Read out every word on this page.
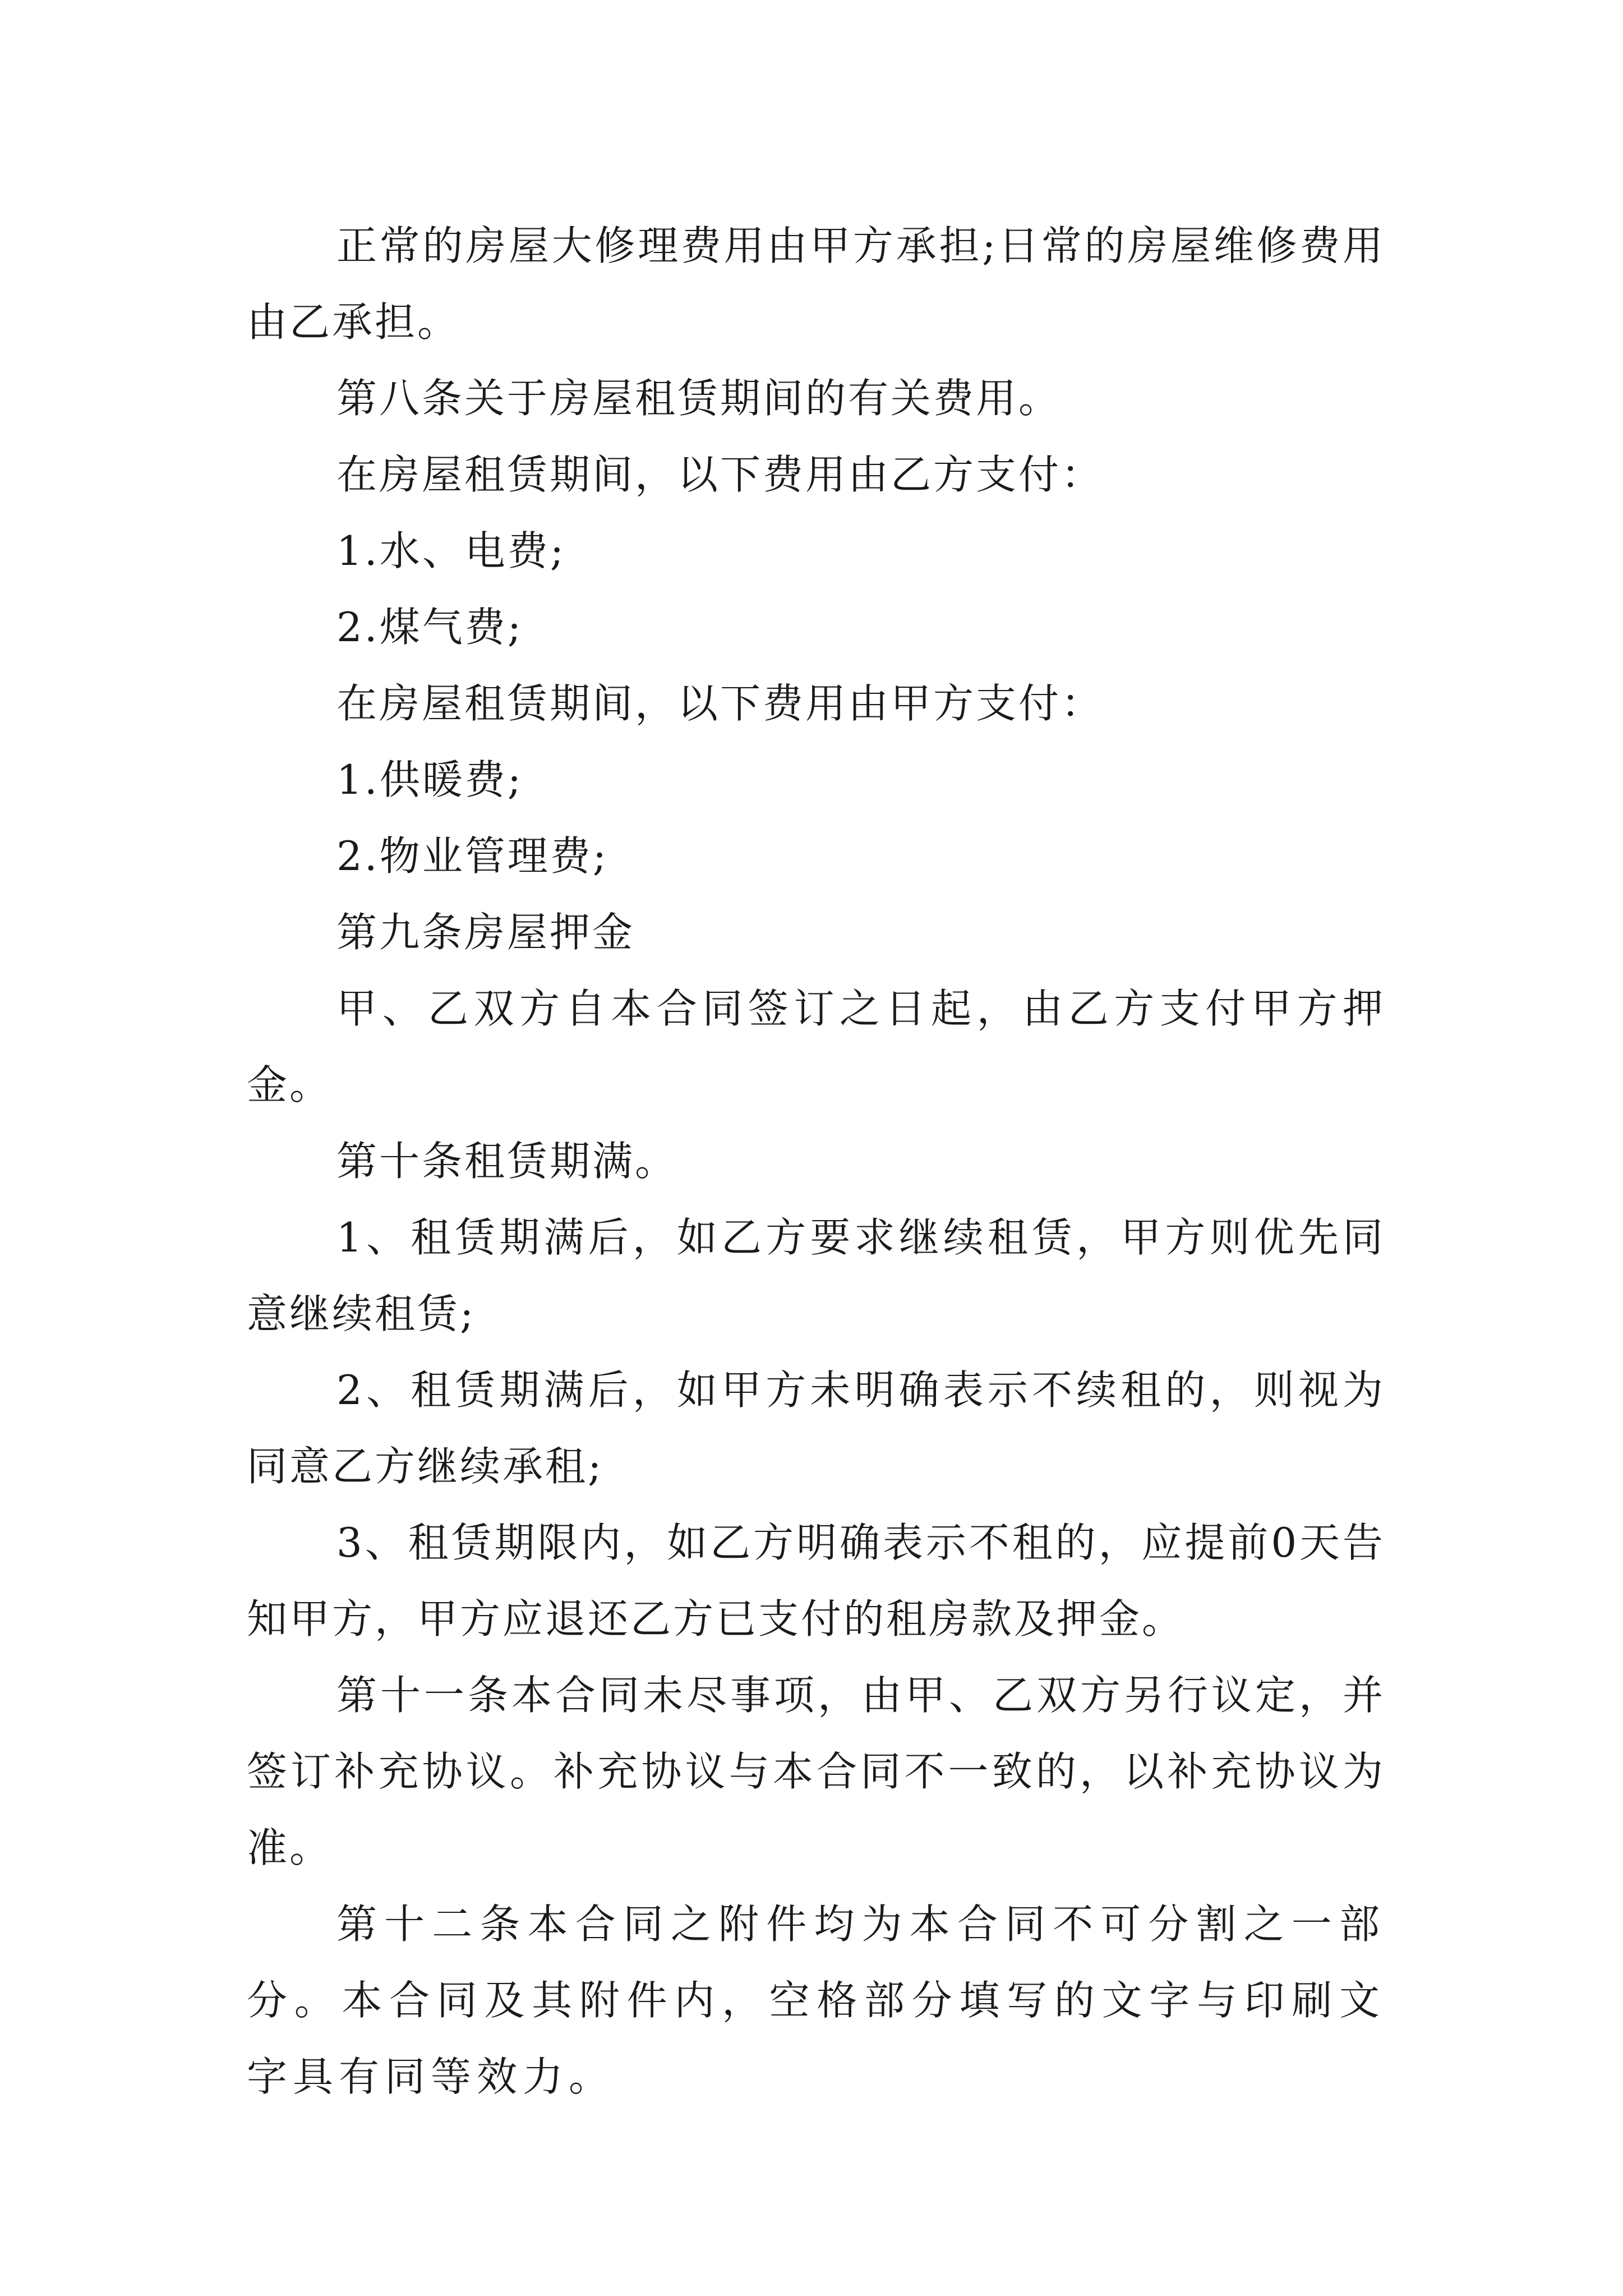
正常的房屋大修理费用由甲方承担;日常的房屋维修费用由乙承担。

第八条关于房屋租赁期间的有关费用。

在房屋租赁期间，以下费用由乙方支付：

1.水、电费;

2.煤气费;

在房屋租赁期间，以下费用由甲方支付：

1.供暖费;

2.物业管理费;

第九条房屋押金

甲、乙双方自本合同签订之日起，由乙方支付甲方押金。

第十条租赁期满。

1、租赁期满后，如乙方要求继续租赁，甲方则优先同意继续租赁;

2、租赁期满后，如甲方未明确表示不续租的，则视为同意乙方继续承租;

3、租赁期限内，如乙方明确表示不租的，应提前0天告知甲方，甲方应退还乙方已支付的租房款及押金。

第十一条本合同未尽事项，由甲、乙双方另行议定，并签订补充协议。补充协议与本合同不一致的，以补充协议为准。

第十二条本合同之附件均为本合同不可分割之一部分。本合同及其附件内，空格部分填写的文字与印刷文字具有同等效力。
